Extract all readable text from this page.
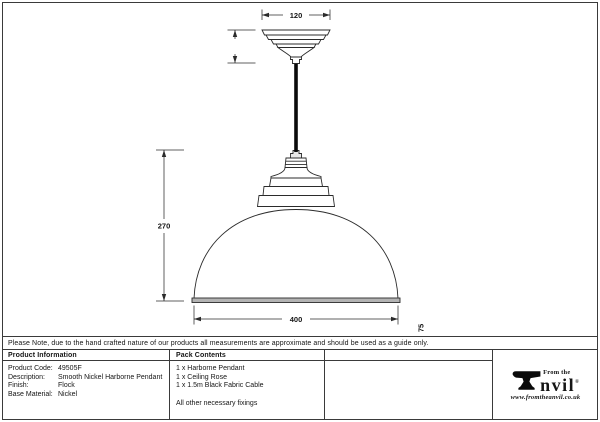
120
75
270
400
Please Note, due to the hand crafted nature of our products all measurements are approximate and should be used as a guide only.
Product Information	Pack Contents
Product Code: 49505F
Description:	Smooth Nickel Harborne Pendant
Finish:	Flock
Base Material: Nickel
1 x Harborne Pendant
1 x Ceiling Rose
1 x 1.5m Black Fabric Cable
All other necessary fixings
From the
nvil®
www.fromtheanvil.co.uk
